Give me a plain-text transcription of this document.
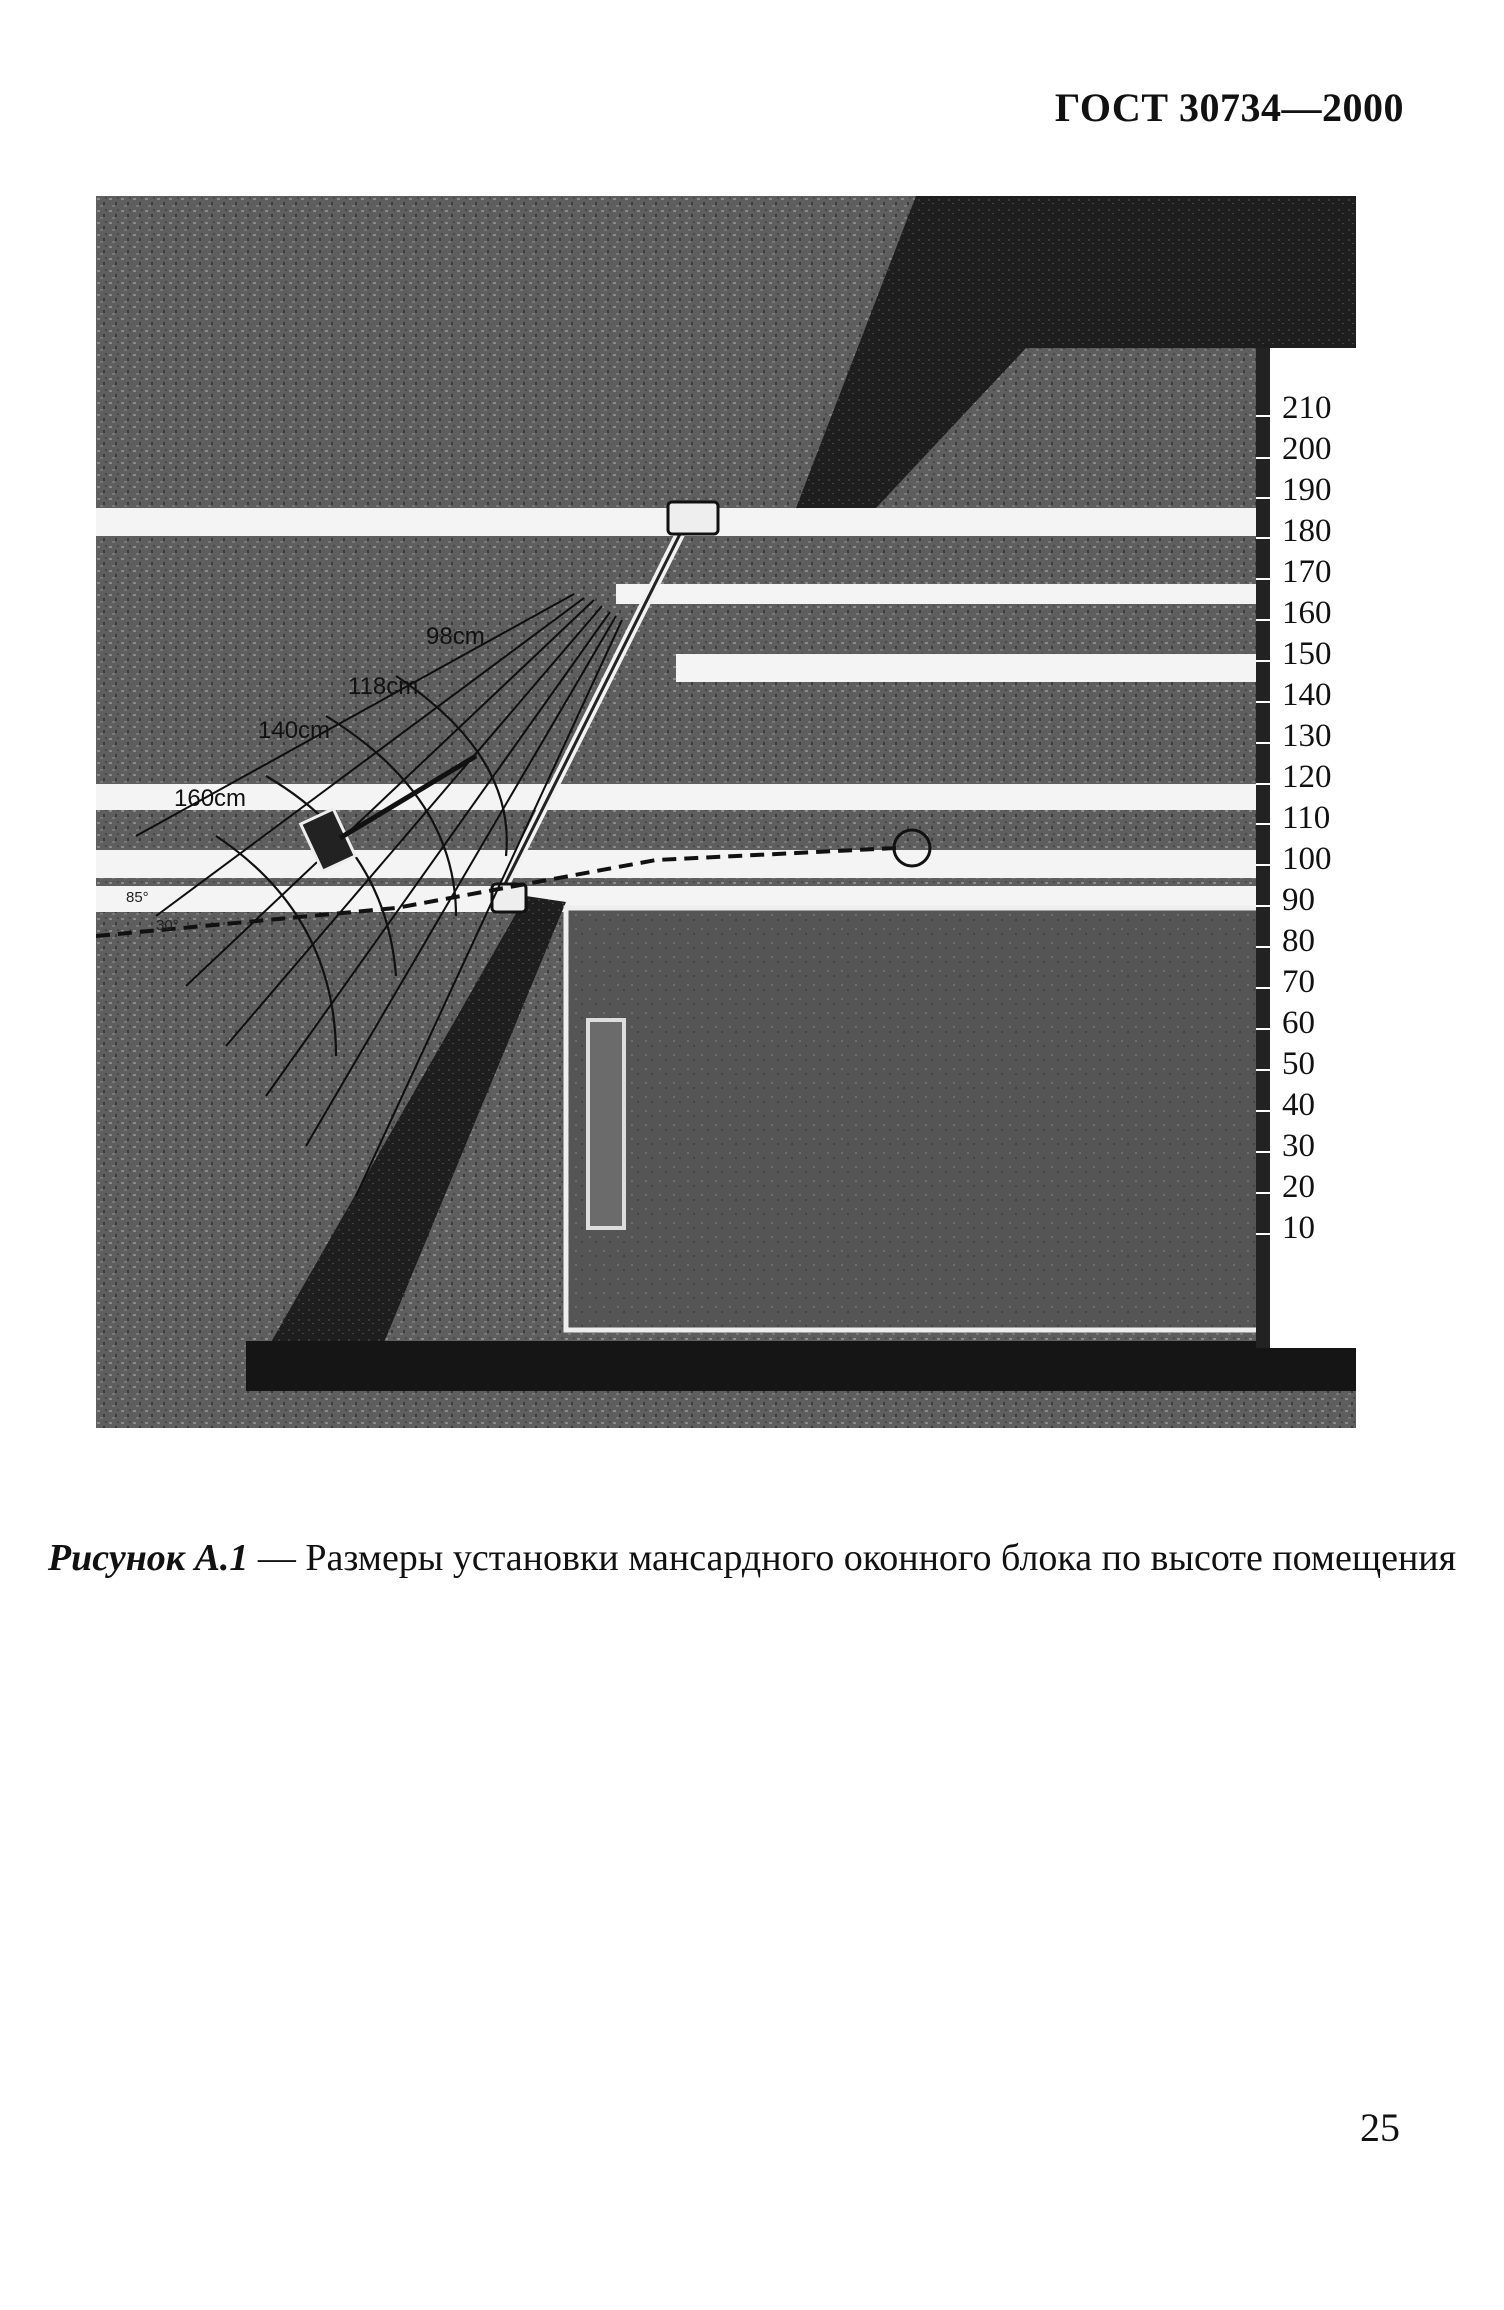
ГОСТ 30734—2000
98cm
118cm
140cm
160cm
85°
30°
210
200
190
180
170
160
150
140
130
120
110
100
90
80
70
60
50
40
30
20
10
Рисунок А.1 — Размеры установки мансардного оконного блока по высоте помещения
25
